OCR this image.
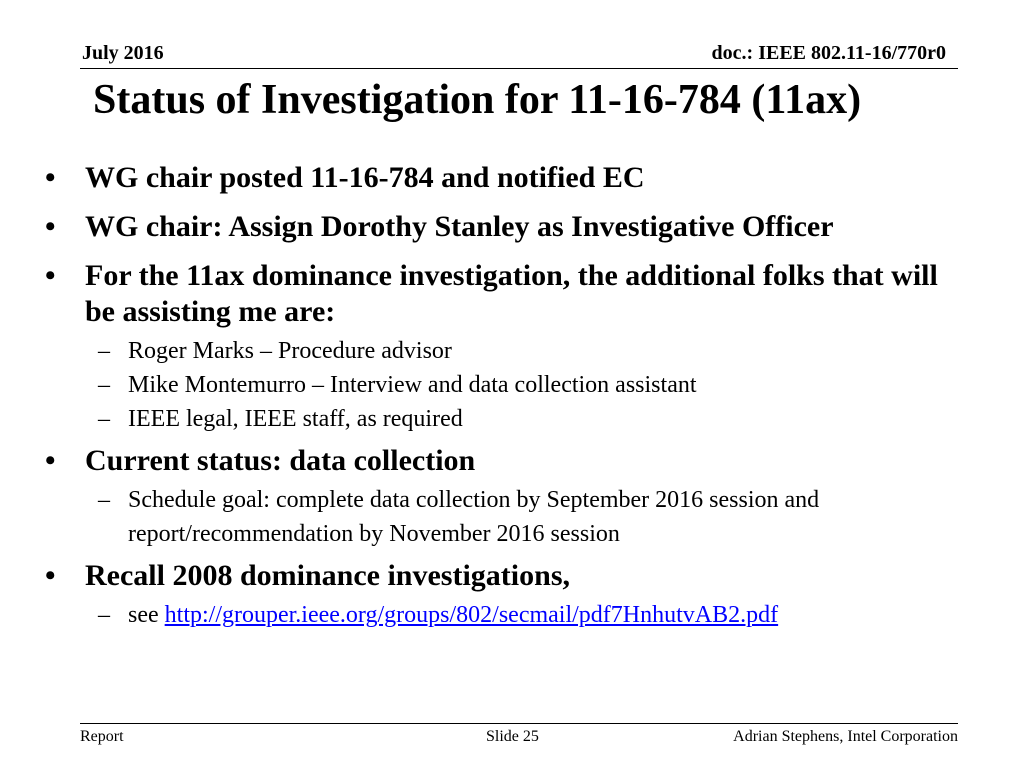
July 2016	doc.: IEEE 802.11-16/770r0
Status of Investigation for 11-16-784 (11ax)
• WG chair posted 11-16-784 and notified EC
• WG chair: Assign Dorothy Stanley as Investigative Officer
• For the 11ax dominance investigation, the additional folks that will be assisting me are:
– Roger Marks – Procedure advisor
– Mike Montemurro – Interview and data collection assistant
– IEEE legal, IEEE staff, as required
• Current status: data collection
– Schedule goal: complete data collection by September 2016 session and report/recommendation by November 2016 session
• Recall 2008 dominance investigations,
– see http://grouper.ieee.org/groups/802/secmail/pdf7HnhutvAB2.pdf
Report	Slide 25	Adrian Stephens, Intel Corporation
